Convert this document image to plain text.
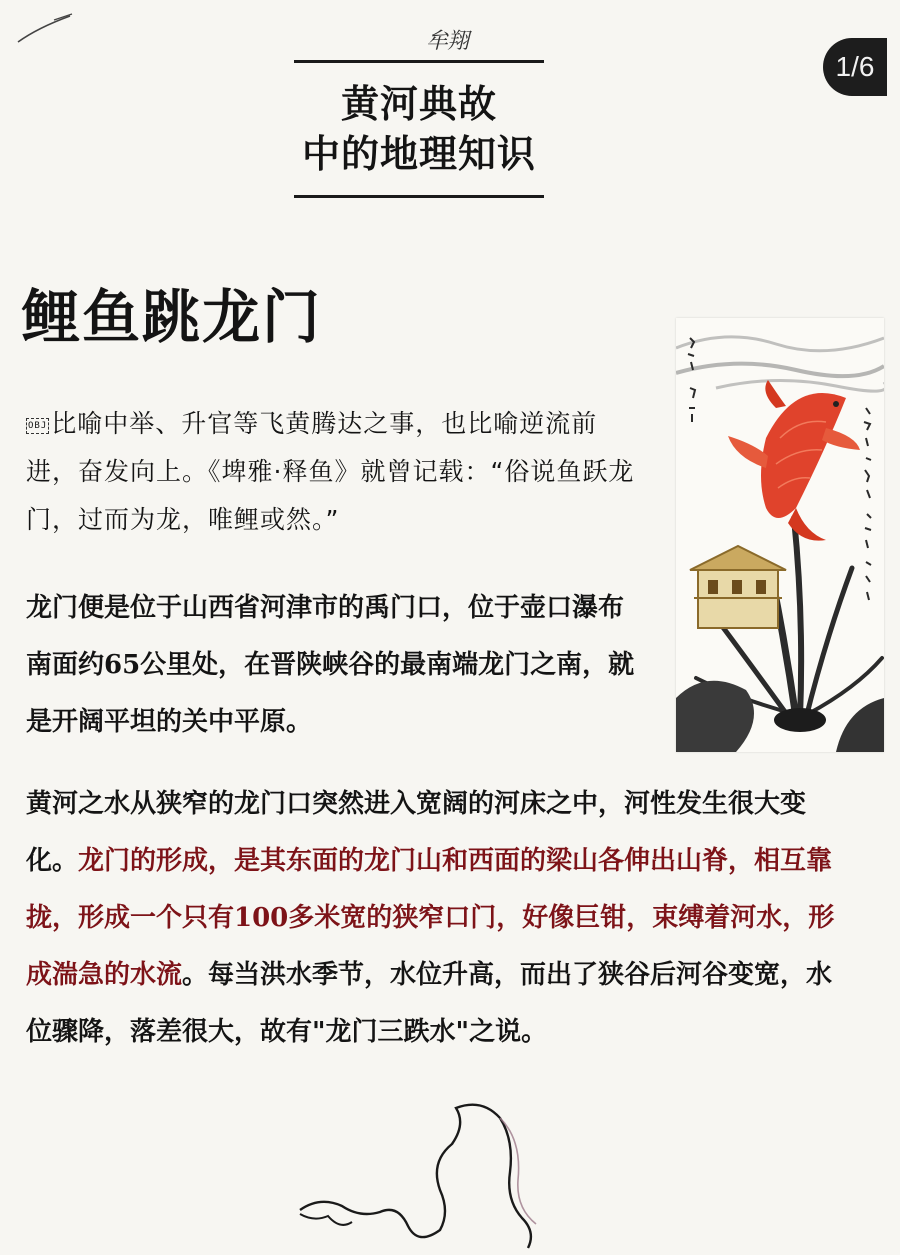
牟翔
1/6
黄河典故
中的地理知识
鲤鱼跳龙门
OBJ 比喻中举、升官等飞黄腾达之事，也比喻逆流前进，奋发向上。《埤雅·释鱼》就曾记载：“俗说鱼跃龙门，过而为龙，唯鲤或然。”
龙门便是位于山西省河津市的禹门口，位于壶口瀑布南面约65公里处，在晋陕峡谷的最南端龙门之南，就是开阔平坦的关中平原。
黄河之水从狭窄的龙门口突然进入宽阔的河床之中，河性发生很大变化。龙门的形成，是其东面的龙门山和西面的梁山各伸出山脊，相互靠拢，形成一个只有100多米宽的狭窄口门，好像巨钳，束缚着河水，形成湍急的水流。每当洪水季节，水位升高，而出了狭谷后河谷变宽，水位骤降，落差很大，故有"龙门三跌水"之说。
